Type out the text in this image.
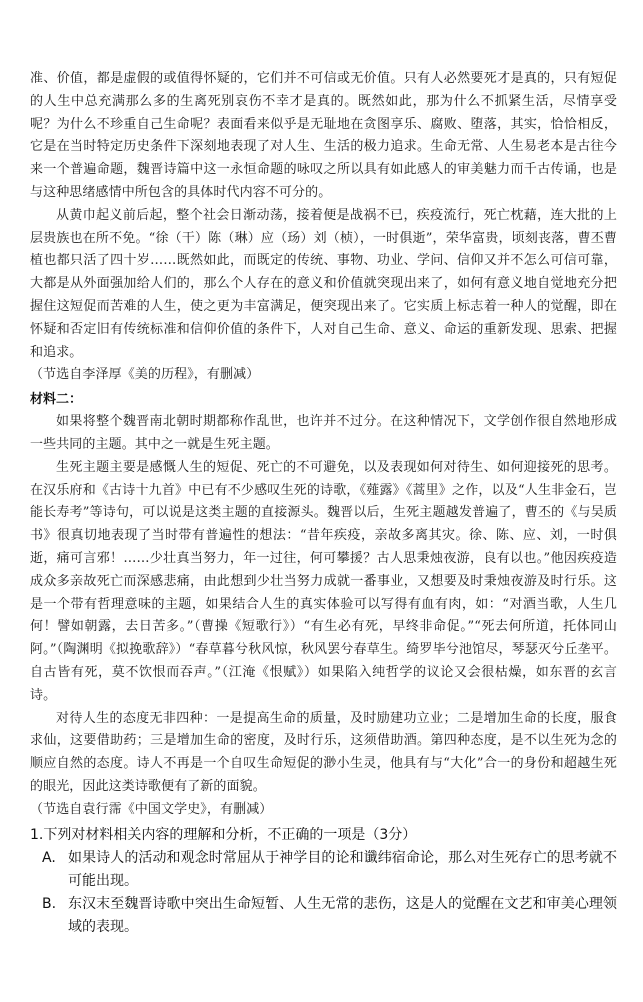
准、价值，都是虚假的或值得怀疑的，它们并不可信或无价值。只有人必然要死才是真的，只有短促的人生中总充满那么多的生离死别哀伤不幸才是真的。既然如此，那为什么不抓紧生活，尽情享受呢？为什么不珍重自己生命呢？表面看来似乎是无耻地在贪图享乐、腐败、堕落，其实，恰恰相反，它是在当时特定历史条件下深刻地表现了对人生、生活的极力追求。生命无常、人生易老本是古往今来一个普遍命题，魏晋诗篇中这一永恒命题的咏叹之所以具有如此感人的审美魅力而千古传诵，也是与这种思绪感情中所包含的具体时代内容不可分的。

从黄巾起义前后起，整个社会日渐动荡，接着便是战祸不已，疾疫流行，死亡枕藉，连大批的上层贵族也在所不免。“徐（干）陈（琳）应（玚）刘（桢），一时俱逝”，荣华富贵，顷刻丧落，曹丕曹植也都只活了四十岁……既然如此，而既定的传统、事物、功业、学问、信仰又并不怎么可信可靠，大都是从外面强加给人们的，那么个人存在的意义和价值就突现出来了，如何有意义地自觉地充分把握住这短促而苦难的人生，使之更为丰富满足，便突现出来了。它实质上标志着一种人的觉醒，即在怀疑和否定旧有传统标准和信仰价值的条件下，人对自己生命、意义、命运的重新发现、思索、把握和追求。

（节选自李泽厚《美的历程》，有删减）

材料二：

如果将整个魏晋南北朝时期都称作乱世，也许并不过分。在这种情况下，文学创作很自然地形成一些共同的主题。其中之一就是生死主题。

生死主题主要是感慨人生的短促、死亡的不可避免，以及表现如何对待生、如何迎接死的思考。在汉乐府和《古诗十九首》中已有不少感叹生死的诗歌，《薤露》《蒿里》之作，以及“人生非金石，岂能长寿考”等诗句，可以说是这类主题的直接源头。魏晋以后，生死主题越发普遍了，曹丕的《与吴质书》很真切地表现了当时带有普遍性的想法：“昔年疾疫，亲故多离其灾。徐、陈、应、刘，一时俱逝，痛可言邪！……少壮真当努力，年一过往，何可攀援？古人思秉烛夜游，良有以也。”他因疾疫造成众多亲故死亡而深感悲痛，由此想到少壮当努力成就一番事业，又想要及时秉烛夜游及时行乐。这是一个带有哲理意味的主题，如果结合人生的真实体验可以写得有血有肉，如：“对酒当歌，人生几何！譬如朝露，去日苦多。”（曹操《短歌行》）“有生必有死，早终非命促。”“死去何所道，托体同山阿。”（陶渊明《拟挽歌辞》）“春草暮兮秋风惊，秋风罢兮春草生。绮罗毕兮池馆尽，琴瑟灭兮丘垄平。自古皆有死，莫不饮恨而吞声。”（江淹《恨赋》）如果陷入纯哲学的议论又会很枯燥，如东晋的玄言诗。

对待人生的态度无非四种：一是提高生命的质量，及时励建功立业；二是增加生命的长度，服食求仙，这要借助药；三是增加生命的密度，及时行乐，这须借助酒。第四种态度，是不以生死为念的顺应自然的态度。诗人不再是一个自叹生命短促的渺小生灵，他具有与“大化”合一的身份和超越生死的眼光，因此这类诗歌便有了新的面貌。

（节选自袁行霈《中国文学史》，有删减）

1.下列对材料相关内容的理解和分析，不正确的一项是（3分）

A. 如果诗人的活动和观念时常屈从于神学目的论和谶纬宿命论，那么对生死存亡的思考就不可能出现。
B. 东汉末至魏晋诗歌中突出生命短暂、人生无常的悲伤，这是人的觉醒在文艺和审美心理领域的表现。
